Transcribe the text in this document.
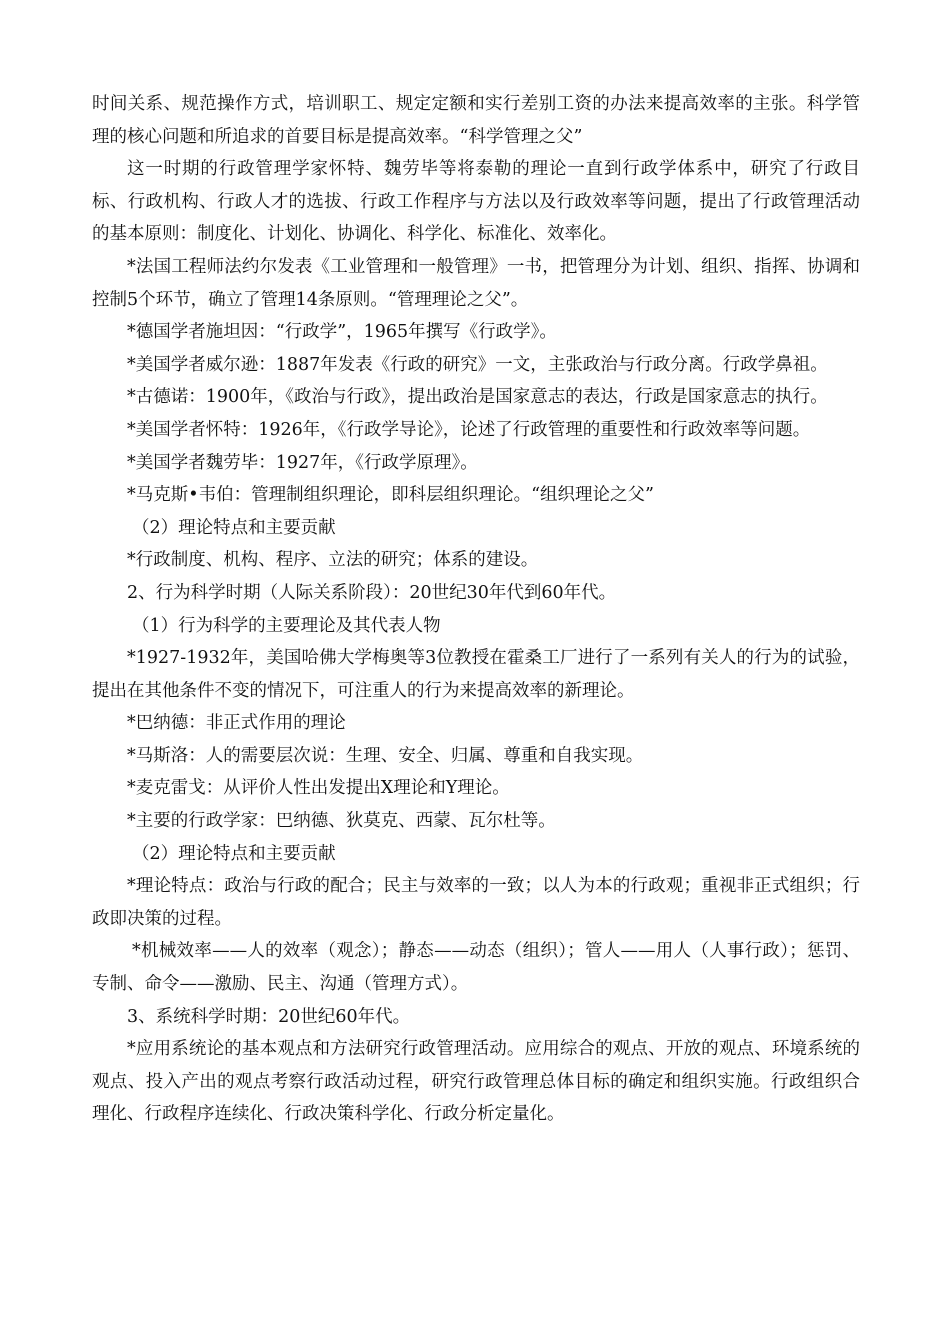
时间关系、规范操作方式，培训职工、规定定额和实行差别工资的办法来提高效率的主张。科学管理的核心问题和所追求的首要目标是提高效率。“科学管理之父”

这一时期的行政管理学家怀特、魏劳毕等将泰勒的理论一直到行政学体系中，研究了行政目标、行政机构、行政人才的选拔、行政工作程序与方法以及行政效率等问题，提出了行政管理活动的基本原则：制度化、计划化、协调化、科学化、标准化、效率化。

*法国工程师法约尔发表《工业管理和一般管理》一书，把管理分为计划、组织、指挥、协调和控制5个环节，确立了管理14条原则。“管理理论之父”。

*德国学者施坦因：“行政学”，1965年撰写《行政学》。

*美国学者威尔逊：1887年发表《行政的研究》一文，主张政治与行政分离。行政学鼻祖。

*古德诺：1900年，《政治与行政》，提出政治是国家意志的表达，行政是国家意志的执行。

*美国学者怀特：1926年，《行政学导论》，论述了行政管理的重要性和行政效率等问题。

*美国学者魏劳毕：1927年，《行政学原理》。

*马克斯•韦伯：管理制组织理论，即科层组织理论。“组织理论之父”

（2）理论特点和主要贡献

*行政制度、机构、程序、立法的研究；体系的建设。

2、行为科学时期（人际关系阶段）：20世纪30年代到60年代。

（1）行为科学的主要理论及其代表人物

*1927-1932年，美国哈佛大学梅奥等3位教授在霍桑工厂进行了一系列有关人的行为的试验，提出在其他条件不变的情况下，可注重人的行为来提高效率的新理论。

*巴纳德：非正式作用的理论

*马斯洛：人的需要层次说：生理、安全、归属、尊重和自我实现。

*麦克雷戈：从评价人性出发提出X理论和Y理论。

*主要的行政学家：巴纳德、狄莫克、西蒙、瓦尔杜等。

（2）理论特点和主要贡献

*理论特点：政治与行政的配合；民主与效率的一致；以人为本的行政观；重视非正式组织；行政即决策的过程。

*机械效率——人的效率（观念）；静态——动态（组织）；管人——用人（人事行政）；惩罚、专制、命令——激励、民主、沟通（管理方式）。

3、系统科学时期：20世纪60年代。

*应用系统论的基本观点和方法研究行政管理活动。应用综合的观点、开放的观点、环境系统的观点、投入产出的观点考察行政活动过程，研究行政管理总体目标的确定和组织实施。行政组织合理化、行政程序连续化、行政决策科学化、行政分析定量化。
